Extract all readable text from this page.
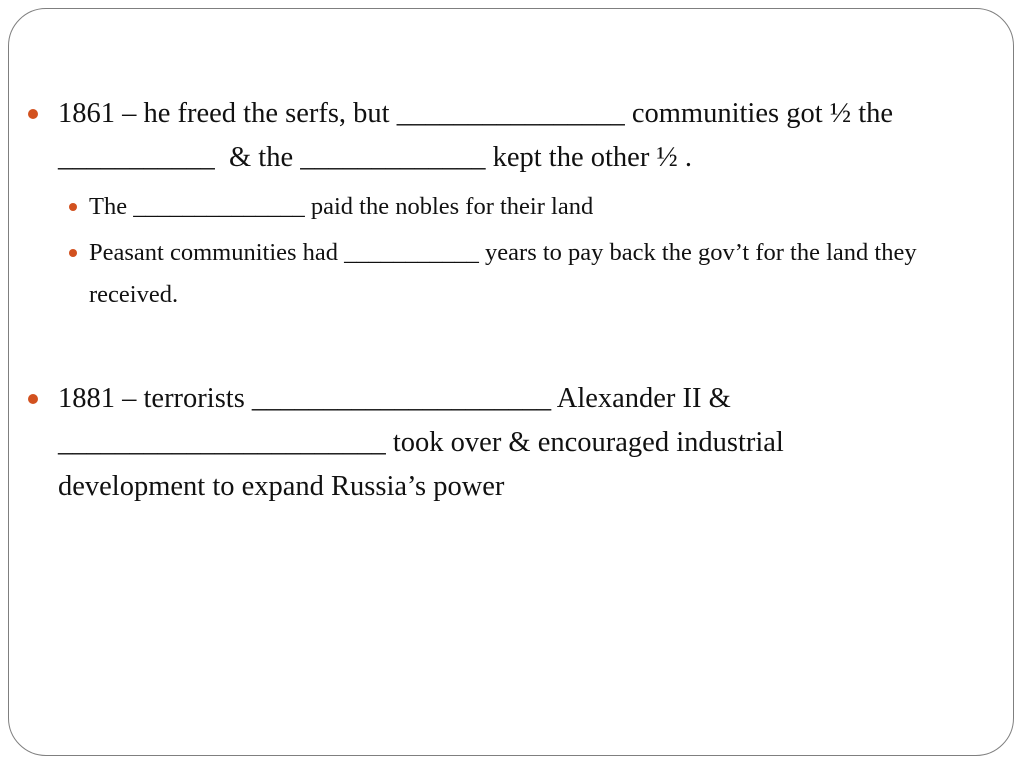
1861 – he freed the serfs, but ________________ communities got ½ the ___________  & the _____________ kept the other ½ .
The ______________ paid the nobles for their land
Peasant communities had ___________ years to pay back the gov’t for the land they received.
1881 – terrorists _____________________ Alexander II & _______________________ took over & encouraged industrial development to expand Russia’s power
